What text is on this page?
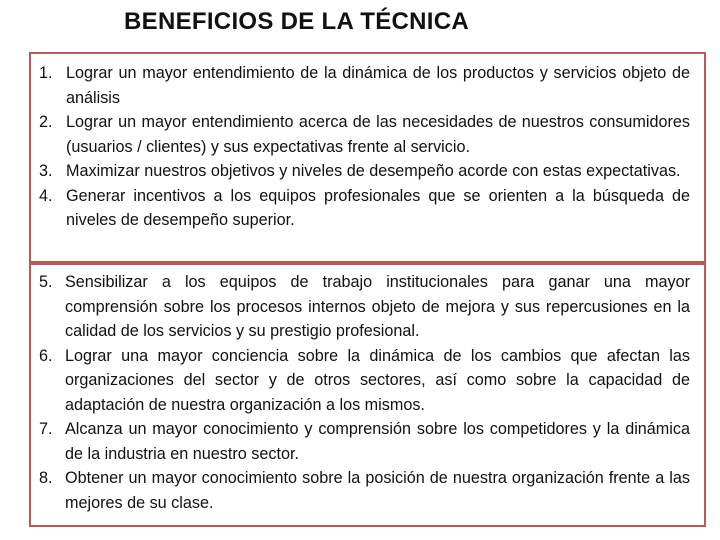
BENEFICIOS DE LA TÉCNICA
1. Lograr un mayor entendimiento de la dinámica de los productos y servicios objeto de análisis
2. Lograr un mayor entendimiento acerca de las necesidades de nuestros consumidores (usuarios / clientes) y sus expectativas frente al servicio.
3. Maximizar nuestros objetivos y niveles de desempeño acorde con estas expectativas.
4. Generar incentivos a los equipos profesionales que se orienten a la búsqueda de niveles de desempeño superior.
5. Sensibilizar a los equipos de trabajo institucionales para ganar una mayor comprensión sobre los procesos internos objeto de mejora y sus repercusiones en la calidad de los servicios y su prestigio profesional.
6. Lograr una mayor conciencia sobre la dinámica de los cambios que afectan las organizaciones del sector y de otros sectores, así como sobre la capacidad de adaptación de nuestra organización a los mismos.
7. Alcanza un mayor conocimiento y comprensión sobre los competidores y la dinámica de la industria en nuestro sector.
8. Obtener un mayor conocimiento sobre la posición de nuestra organización frente a las mejores de su clase.
